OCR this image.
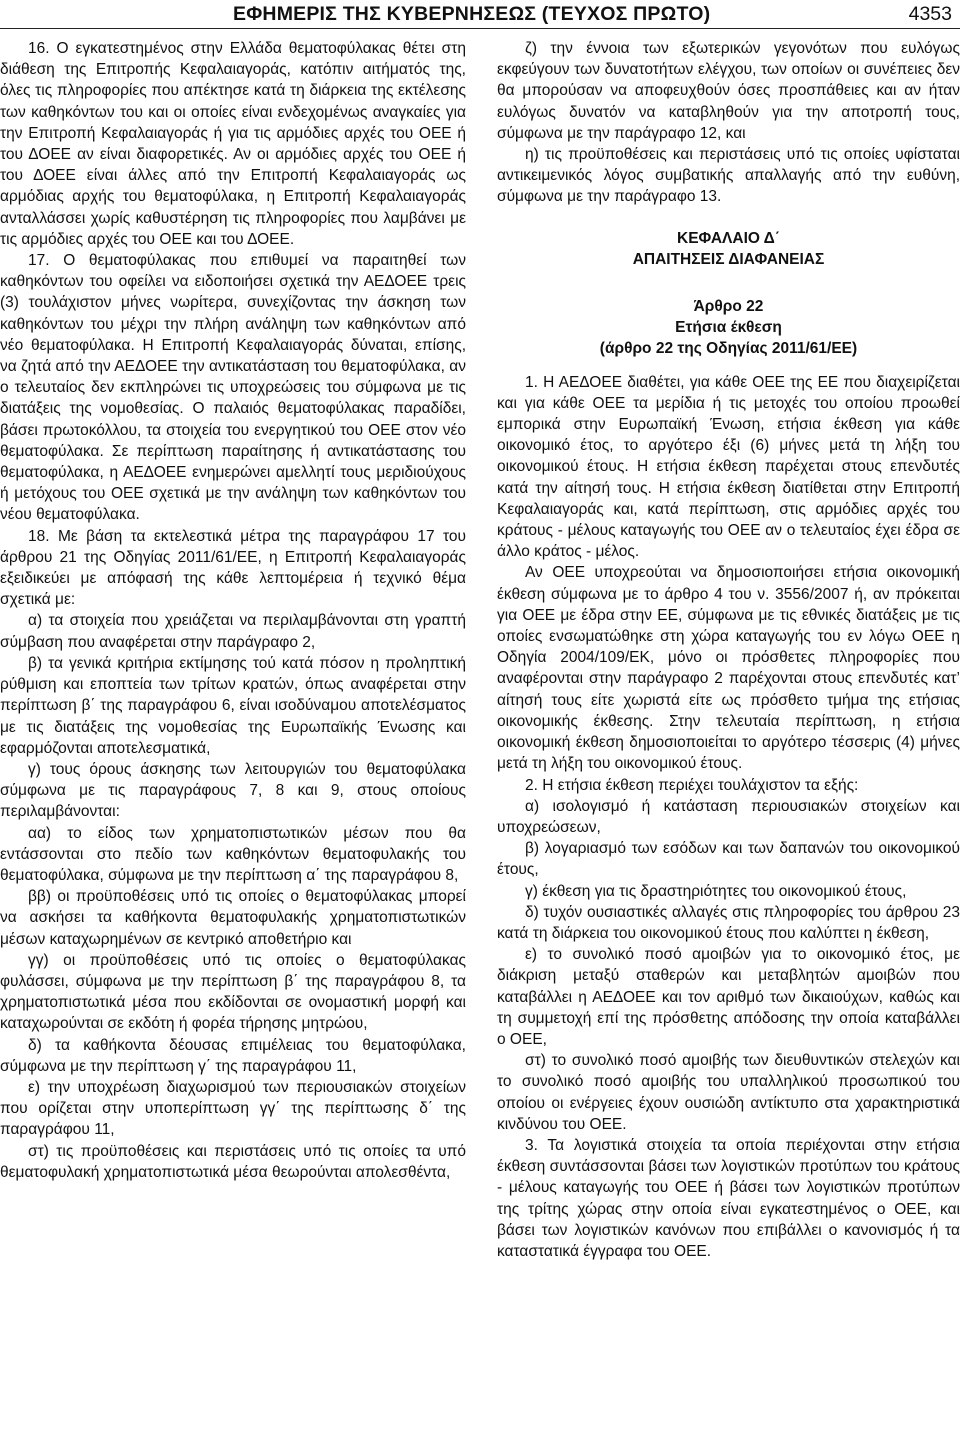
ΕΦΗΜΕΡΙΣ ΤΗΣ ΚΥΒΕΡΝΗΣΕΩΣ (ΤΕΥΧΟΣ ΠΡΩΤΟ)	4353

16. Ο εγκατεστημένος στην Ελλάδα θεματοφύλακας θέτει στη διάθεση της Επιτροπής Κεφαλαιαγοράς, κατόπιν αιτήματός της, όλες τις πληροφορίες που απέκτησε κατά τη διάρκεια της εκτέλεσης των καθηκόντων του και οι οποίες είναι ενδεχομένως αναγκαίες για την Επιτροπή Κεφαλαιαγοράς ή για τις αρμόδιες αρχές του ΟΕΕ ή του ΔΟΕΕ αν είναι διαφορετικές. Αν οι αρμόδιες αρχές του ΟΕΕ ή του ΔΟΕΕ είναι άλλες από την Επιτροπή Κεφαλαιαγοράς ως αρμόδιας αρχής του θεματοφύλακα, η Επιτροπή Κεφαλαιαγοράς ανταλλάσσει χωρίς καθυστέρηση τις πληροφορίες που λαμβάνει με τις αρμόδιες αρχές του ΟΕΕ και του ΔΟΕΕ.

17. Ο θεματοφύλακας που επιθυμεί να παραιτηθεί των καθηκόντων του οφείλει να ειδοποιήσει σχετικά την ΑΕΔΟΕΕ τρεις (3) τουλάχιστον μήνες νωρίτερα, συνεχίζοντας την άσκηση των καθηκόντων του μέχρι την πλήρη ανάληψη των καθηκόντων από νέο θεματοφύλακα. Η Επιτροπή Κεφαλαιαγοράς δύναται, επίσης, να ζητά από την ΑΕΔΟΕΕ την αντικατάσταση του θεματοφύλακα, αν ο τελευταίος δεν εκπληρώνει τις υποχρεώσεις του σύμφωνα με τις διατάξεις της νομοθεσίας. Ο παλαιός θεματοφύλακας παραδίδει, βάσει πρωτοκόλλου, τα στοιχεία του ενεργητικού του ΟΕΕ στον νέο θεματοφύλακα. Σε περίπτωση παραίτησης ή αντικατάστασης του θεματοφύλακα, η ΑΕΔΟΕΕ ενημερώνει αμελλητί τους μεριδιούχους ή μετόχους του ΟΕΕ σχετικά με την ανάληψη των καθηκόντων του νέου θεματοφύλακα.

18. Με βάση τα εκτελεστικά μέτρα της παραγράφου 17 του άρθρου 21 της Οδηγίας 2011/61/ΕΕ, η Επιτροπή Κεφαλαιαγοράς εξειδικεύει με απόφασή της κάθε λεπτομέρεια ή τεχνικό θέμα σχετικά με:

α) τα στοιχεία που χρειάζεται να περιλαμβάνονται στη γραπτή σύμβαση που αναφέρεται στην παράγραφο 2,

β) τα γενικά κριτήρια εκτίμησης τού κατά πόσον η προληπτική ρύθμιση και εποπτεία των τρίτων κρατών, όπως αναφέρεται στην περίπτωση β΄ της παραγράφου 6, είναι ισοδύναμου αποτελέσματος με τις διατάξεις της νομοθεσίας της Ευρωπαϊκής Ένωσης και εφαρμόζονται αποτελεσματικά,

γ) τους όρους άσκησης των λειτουργιών του θεματοφύλακα σύμφωνα με τις παραγράφους 7, 8 και 9, στους οποίους περιλαμβάνονται:

αα) το είδος των χρηματοπιστωτικών μέσων που θα εντάσσονται στο πεδίο των καθηκόντων θεματοφυλακής του θεματοφύλακα, σύμφωνα με την περίπτωση α΄ της παραγράφου 8,

ββ) οι προϋποθέσεις υπό τις οποίες ο θεματοφύλακας μπορεί να ασκήσει τα καθήκοντα θεματοφυλακής χρηματοπιστωτικών μέσων καταχωρημένων σε κεντρικό αποθετήριο και

γγ) οι προϋποθέσεις υπό τις οποίες ο θεματοφύλακας φυλάσσει, σύμφωνα με την περίπτωση β΄ της παραγράφου 8, τα χρηματοπιστωτικά μέσα που εκδίδονται σε ονομαστική μορφή και καταχωρούνται σε εκδότη ή φορέα τήρησης μητρώου,

δ) τα καθήκοντα δέουσας επιμέλειας του θεματοφύλακα, σύμφωνα με την περίπτωση γ΄ της παραγράφου 11,

ε) την υποχρέωση διαχωρισμού των περιουσιακών στοιχείων που ορίζεται στην υποπερίπτωση γγ΄ της περίπτωσης δ΄ της παραγράφου 11,

στ) τις προϋποθέσεις και περιστάσεις υπό τις οποίες τα υπό θεματοφυλακή χρηματοπιστωτικά μέσα θεωρούνται απολεσθέντα,

ζ) την έννοια των εξωτερικών γεγονότων που ευλόγως εκφεύγουν των δυνατοτήτων ελέγχου, των οποίων οι συνέπειες δεν θα μπορούσαν να αποφευχθούν όσες προσπάθειες και αν ήταν ευλόγως δυνατόν να καταβληθούν για την αποτροπή τους, σύμφωνα με την παράγραφο 12, και

η) τις προϋποθέσεις και περιστάσεις υπό τις οποίες υφίσταται αντικειμενικός λόγος συμβατικής απαλλαγής από την ευθύνη, σύμφωνα με την παράγραφο 13.

ΚΕΦΑΛΑΙΟ Δ΄
ΑΠΑΙΤΗΣΕΙΣ ΔΙΑΦΑΝΕΙΑΣ
Άρθρο 22
Ετήσια έκθεση
(άρθρο 22 της Οδηγίας 2011/61/ΕΕ)

1. Η ΑΕΔΟΕΕ διαθέτει, για κάθε ΟΕΕ της ΕΕ που διαχειρίζεται και για κάθε ΟΕΕ τα μερίδια ή τις μετοχές του οποίου προωθεί εμπορικά στην Ευρωπαϊκή Ένωση, ετήσια έκθεση για κάθε οικονομικό έτος, το αργότερο έξι (6) μήνες μετά τη λήξη του οικονομικού έτους. Η ετήσια έκθεση παρέχεται στους επενδυτές κατά την αίτησή τους. Η ετήσια έκθεση διατίθεται στην Επιτροπή Κεφαλαιαγοράς και, κατά περίπτωση, στις αρμόδιες αρχές του κράτους - μέλους καταγωγής του ΟΕΕ αν ο τελευταίος έχει έδρα σε άλλο κράτος - μέλος.

Αν ΟΕΕ υποχρεούται να δημοσιοποιήσει ετήσια οικονομική έκθεση σύμφωνα με το άρθρο 4 του ν. 3556/2007 ή, αν πρόκειται για ΟΕΕ με έδρα στην ΕΕ, σύμφωνα με τις εθνικές διατάξεις με τις οποίες ενσωματώθηκε στη χώρα καταγωγής του εν λόγω ΟΕΕ η Οδηγία 2004/109/ΕΚ, μόνο οι πρόσθετες πληροφορίες που αναφέρονται στην παράγραφο 2 παρέχονται στους επενδυτές κατ’ αίτησή τους είτε χωριστά είτε ως πρόσθετο τμήμα της ετήσιας οικονομικής έκθεσης. Στην τελευταία περίπτωση, η ετήσια οικονομική έκθεση δημοσιοποιείται το αργότερο τέσσερις (4) μήνες μετά τη λήξη του οικονομικού έτους.

2. Η ετήσια έκθεση περιέχει τουλάχιστον τα εξής:

α) ισολογισμό ή κατάσταση περιουσιακών στοιχείων και υποχρεώσεων,

β) λογαριασμό των εσόδων και των δαπανών του οικονομικού έτους,

γ) έκθεση για τις δραστηριότητες του οικονομικού έτους,

δ) τυχόν ουσιαστικές αλλαγές στις πληροφορίες του άρθρου 23 κατά τη διάρκεια του οικονομικού έτους που καλύπτει η έκθεση,

ε) το συνολικό ποσό αμοιβών για το οικονομικό έτος, με διάκριση μεταξύ σταθερών και μεταβλητών αμοιβών που καταβάλλει η ΑΕΔΟΕΕ και τον αριθμό των δικαιούχων, καθώς και τη συμμετοχή επί της πρόσθετης απόδοσης την οποία καταβάλλει ο ΟΕΕ,

στ) το συνολικό ποσό αμοιβής των διευθυντικών στελεχών και το συνολικό ποσό αμοιβής του υπαλληλικού προσωπικού του οποίου οι ενέργειες έχουν ουσιώδη αντίκτυπο στα χαρακτηριστικά κινδύνου του ΟΕΕ.

3. Τα λογιστικά στοιχεία τα οποία περιέχονται στην ετήσια έκθεση συντάσσονται βάσει των λογιστικών προτύπων του κράτους - μέλους καταγωγής του ΟΕΕ ή βάσει των λογιστικών προτύπων της τρίτης χώρας στην οποία είναι εγκατεστημένος ο ΟΕΕ, και βάσει των λογιστικών κανόνων που επιβάλλει ο κανονισμός ή τα καταστατικά έγγραφα του ΟΕΕ.
